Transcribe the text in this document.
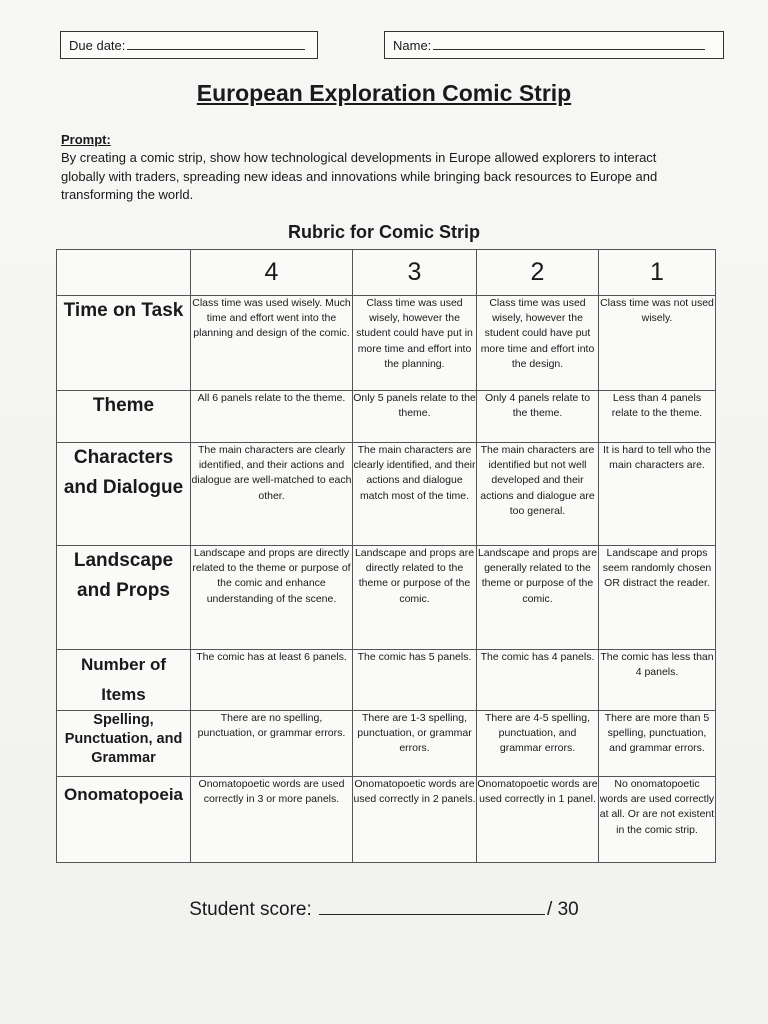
Due date:	Name:
European Exploration Comic Strip
Prompt:
By creating a comic strip, show how technological developments in Europe allowed explorers to interact globally with traders, spreading new ideas and innovations while bringing back resources to Europe and transforming the world.
Rubric for Comic Strip
	4	3	2	1
Time on Task	Class time was used wisely. Much time and effort went into the planning and design of the comic.	Class time was used wisely, however the student could have put in more time and effort into the planning.	Class time was used wisely, however the student could have put more time and effort into the design.	Class time was not used wisely.
Theme	All 6 panels relate to the theme.	Only 5 panels relate to the theme.	Only 4 panels relate to the theme.	Less than 4 panels relate to the theme.
Characters and Dialogue	The main characters are clearly identified, and their actions and dialogue are well-matched to each other.	The main characters are clearly identified, and their actions and dialogue match most of the time.	The main characters are identified but not well developed and their actions and dialogue are too general.	It is hard to tell who the main characters are.
Landscape and Props	Landscape and props are directly related to the theme or purpose of the comic and enhance understanding of the scene.	Landscape and props are directly related to the theme or purpose of the comic.	Landscape and props are generally related to the theme or purpose of the comic.	Landscape and props seem randomly chosen OR distract the reader.
Number of Items	The comic has at least 6 panels.	The comic has 5 panels.	The comic has 4 panels.	The comic has less than 4 panels.
Spelling, Punctuation, and Grammar	There are no spelling, punctuation, or grammar errors.	There are 1-3 spelling, punctuation, or grammar errors.	There are 4-5 spelling, punctuation, and grammar errors.	There are more than 5 spelling, punctuation, and grammar errors.
Onomatopoeia	Onomatopoetic words are used correctly in 3 or more panels.	Onomatopoetic words are used correctly in 2 panels.	Onomatopoetic words are used correctly in 1 panel.	No onomatopoetic words are used correctly at all. Or are not existent in the comic strip.
Student score:	/ 30
